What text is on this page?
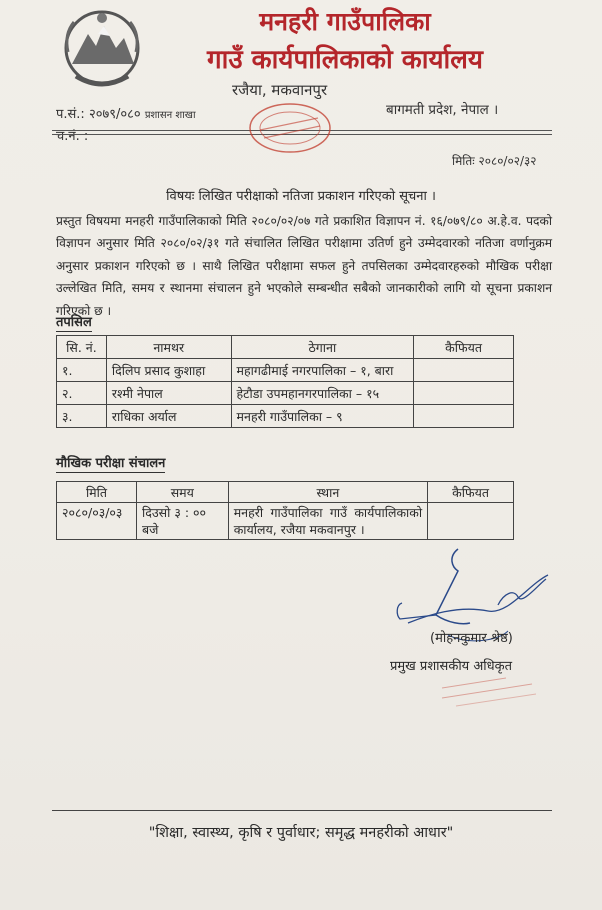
मनहरी गाउँपालिका
गाउँ कार्यपालिकाको कार्यालय
रजैया, मकवानपुर
प.सं.: २०७९/०८० प्रशासन शाखा
च.नं. :
बागमती प्रदेश, नेपाल ।
मितिः २०८०/०२/३२
विषयः लिखित परीक्षाको नतिजा प्रकाशन गरिएको सूचना ।

प्रस्तुत विषयमा मनहरी गाउँपालिकाको मिति २०८०/०२/०७ गते प्रकाशित विज्ञापन नं. १६/०७९/८० अ.हे.व. पदको विज्ञापन अनुसार मिति २०८०/०२/३१ गते संचालित लिखित परीक्षामा उतिर्ण हुने उम्मेदवारको नतिजा वर्णानुक्रम अनुसार प्रकाशन गरिएको छ । साथै लिखित परीक्षामा सफल हुने तपसिलका उम्मेदवारहरुको मौखिक परीक्षा उल्लेखित मिति, समय र स्थानमा संचालन हुने भएकोले सम्बन्धीत सबैको जानकारीको लागि यो सूचना प्रकाशन गरिएको छ ।

तपसिल
सि. नं.	नामथर	ठेगाना	कैफियत
१.	दिलिप प्रसाद कुशाहा	महागढीमाई नगरपालिका – १, बारा	
२.	रश्मी नेपाल	हेटौडा उपमहानगरपालिका – १५	
३.	राधिका अर्याल	मनहरी गाउँपालिका – ९	
मौखिक परीक्षा संचालन
मिति	समय	स्थान	कैफियत
२०८०/०३/०३	दिउसो ३ : ०० बजे	मनहरी गाउँपालिका गाउँ कार्यपालिकाको
कार्यालय, रजैया मकवानपुर ।	

(मोहनकुमार श्रेष्ठ)
प्रमुख प्रशासकीय अधिकृत
"शिक्षा, स्वास्थ्य, कृषि र पुर्वाधार; समृद्ध मनहरीको आधार"
